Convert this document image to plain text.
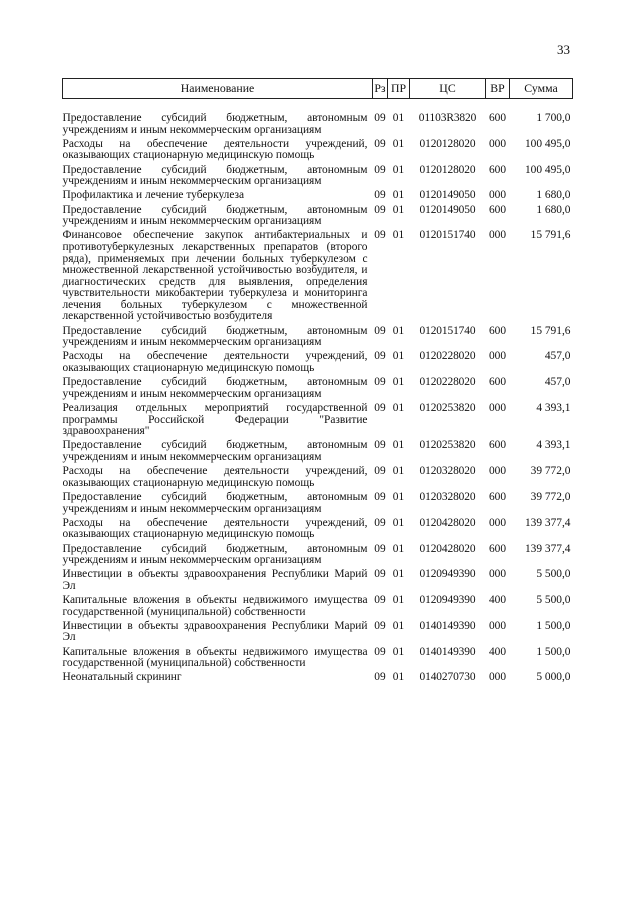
33
Наименование	Рз	ПР	ЦС	ВР	Сумма

Предоставление субсидий бюджетным, автономным учреждениям и иным некоммерческим организациям	09	01	01103R3820	600	1 700,0
Расходы на обеспечение деятельности учреждений, оказывающих стационарную медицинскую помощь	09	01	0120128020	000	100 495,0
Предоставление субсидий бюджетным, автономным учреждениям и иным некоммерческим организациям	09	01	0120128020	600	100 495,0
Профилактика и лечение туберкулеза	09	01	0120149050	000	1 680,0
Предоставление субсидий бюджетным, автономным учреждениям и иным некоммерческим организациям	09	01	0120149050	600	1 680,0
Финансовое обеспечение закупок антибактериальных и противотуберкулезных лекарственных препаратов (второго ряда), применяемых при лечении больных туберкулезом с множественной лекарственной устойчивостью возбудителя, и диагностических средств для выявления, определения чувствительности микобактерии туберкулеза и мониторинга лечения больных туберкулезом с множественной лекарственной устойчивостью возбудителя	09	01	0120151740	000	15 791,6
Предоставление субсидий бюджетным, автономным учреждениям и иным некоммерческим организациям	09	01	0120151740	600	15 791,6
Расходы на обеспечение деятельности учреждений, оказывающих стационарную медицинскую помощь	09	01	0120228020	000	457,0
Предоставление субсидий бюджетным, автономным учреждениям и иным некоммерческим организациям	09	01	0120228020	600	457,0
Реализация отдельных мероприятий государственной программы Российской Федерации "Развитие здравоохранения"	09	01	0120253820	000	4 393,1
Предоставление субсидий бюджетным, автономным учреждениям и иным некоммерческим организациям	09	01	0120253820	600	4 393,1
Расходы на обеспечение деятельности учреждений, оказывающих стационарную медицинскую помощь	09	01	0120328020	000	39 772,0
Предоставление субсидий бюджетным, автономным учреждениям и иным некоммерческим организациям	09	01	0120328020	600	39 772,0
Расходы на обеспечение деятельности учреждений, оказывающих стационарную медицинскую помощь	09	01	0120428020	000	139 377,4
Предоставление субсидий бюджетным, автономным учреждениям и иным некоммерческим организациям	09	01	0120428020	600	139 377,4
Инвестиции в объекты здравоохранения Республики Марий Эл	09	01	0120949390	000	5 500,0
Капитальные вложения в объекты недвижимого имущества государственной (муниципальной) собственности	09	01	0120949390	400	5 500,0
Инвестиции в объекты здравоохранения Республики Марий Эл	09	01	0140149390	000	1 500,0
Капитальные вложения в объекты недвижимого имущества государственной (муниципальной) собственности	09	01	0140149390	400	1 500,0
Неонатальный скрининг	09	01	0140270730	000	5 000,0
